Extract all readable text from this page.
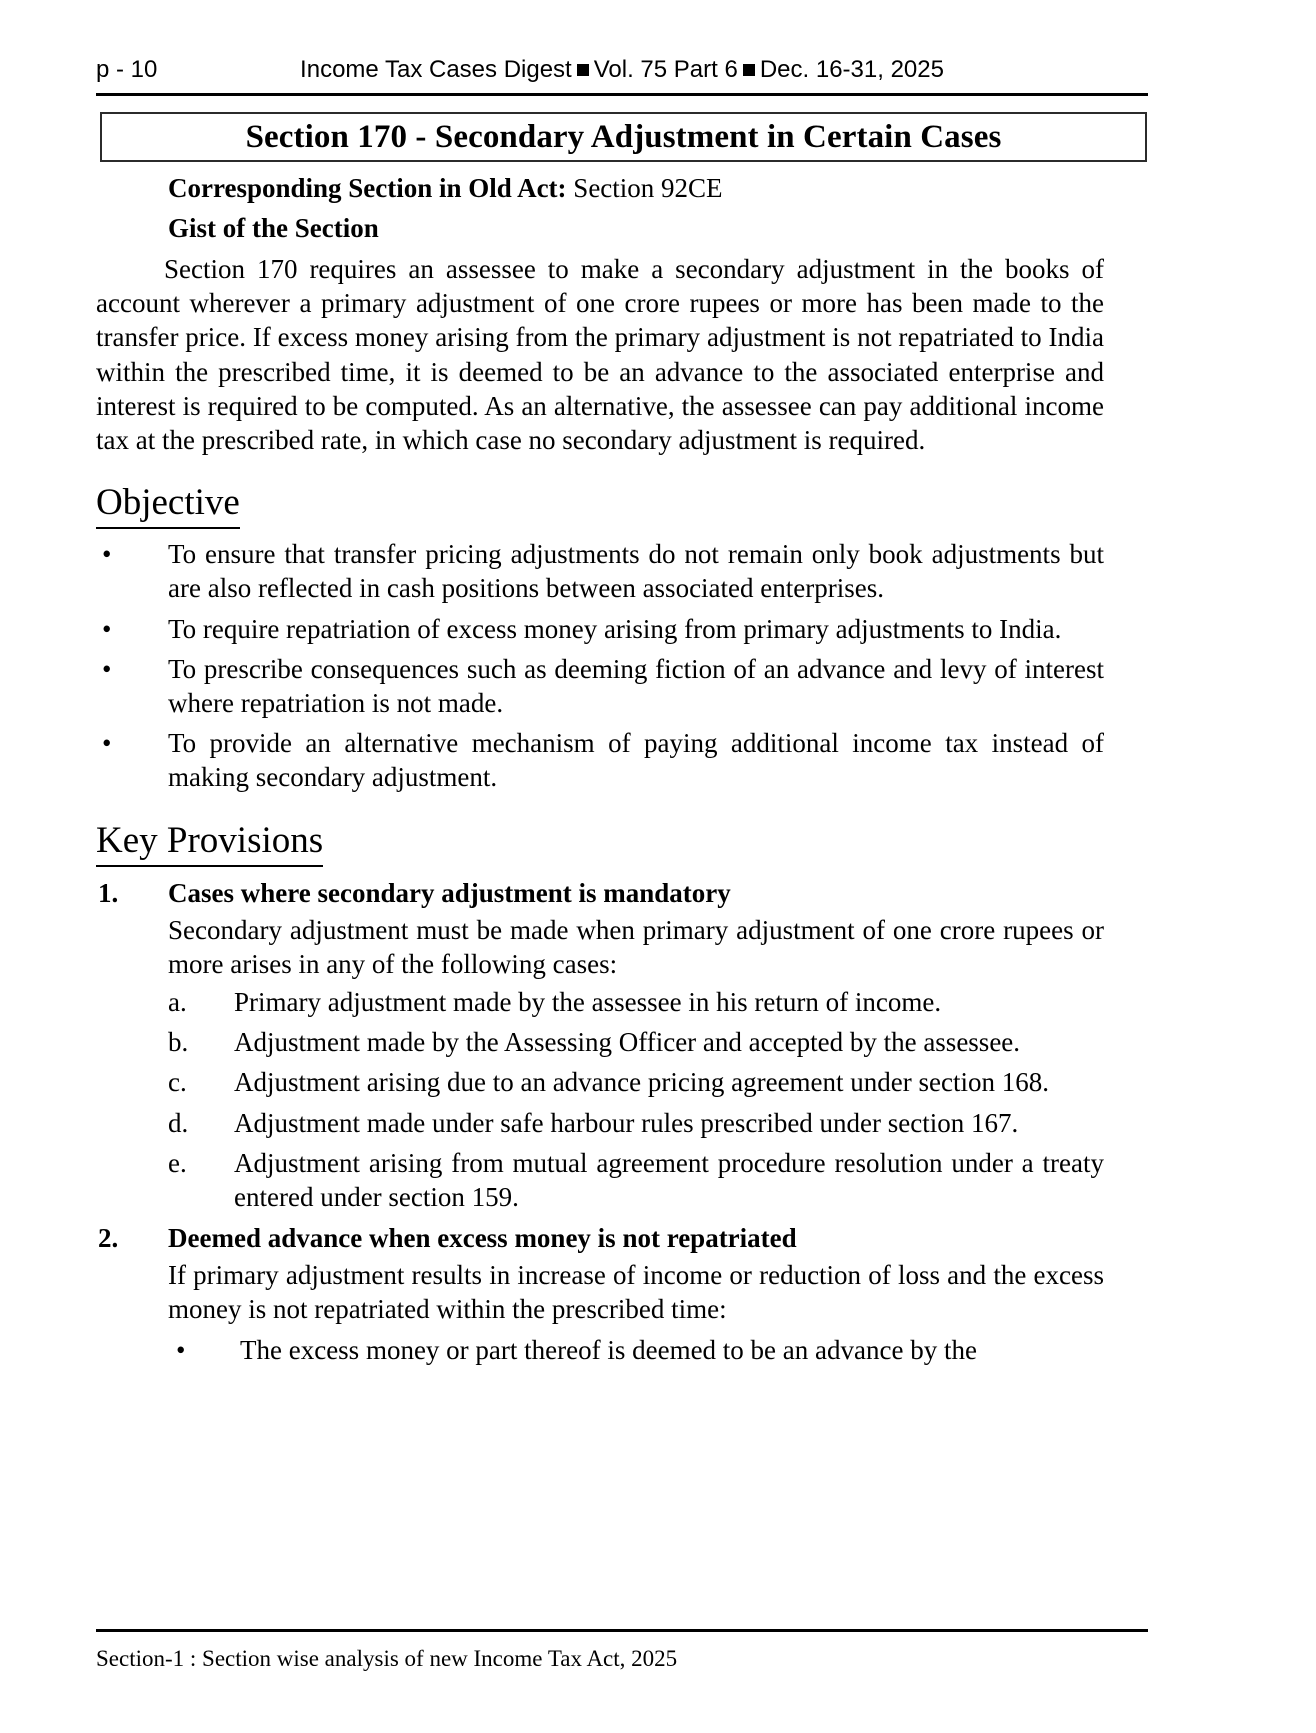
p - 10	Income Tax Cases Digest Vol. 75 Part 6 Dec. 16-31, 2025
Section 170 - Secondary Adjustment in Certain Cases
Corresponding Section in Old Act: Section 92CE
Gist of the Section

Section 170 requires an assessee to make a secondary adjustment in the books of account wherever a primary adjustment of one crore rupees or more has been made to the transfer price. If excess money arising from the primary adjustment is not repatriated to India within the prescribed time, it is deemed to be an advance to the associated enterprise and interest is required to be computed. As an alternative, the assessee can pay additional income tax at the prescribed rate, in which case no secondary adjustment is required.

Objective
• To ensure that transfer pricing adjustments do not remain only book adjustments but are also reflected in cash positions between associated enterprises.
• To require repatriation of excess money arising from primary adjustments to India.
• To prescribe consequences such as deeming fiction of an advance and levy of interest where repatriation is not made.
• To provide an alternative mechanism of paying additional income tax instead of making secondary adjustment.
Key Provisions
1. Cases where secondary adjustment is mandatory
Secondary adjustment must be made when primary adjustment of one crore rupees or more arises in any of the following cases:
a. Primary adjustment made by the assessee in his return of income.
b. Adjustment made by the Assessing Officer and accepted by the assessee.
c. Adjustment arising due to an advance pricing agreement under section 168.
d. Adjustment made under safe harbour rules prescribed under section 167.
e. Adjustment arising from mutual agreement procedure resolution under a treaty entered under section 159.
2. Deemed advance when excess money is not repatriated
If primary adjustment results in increase of income or reduction of loss and the excess money is not repatriated within the prescribed time:
• The excess money or part thereof is deemed to be an advance by the
Section-1 : Section wise analysis of new Income Tax Act, 2025
